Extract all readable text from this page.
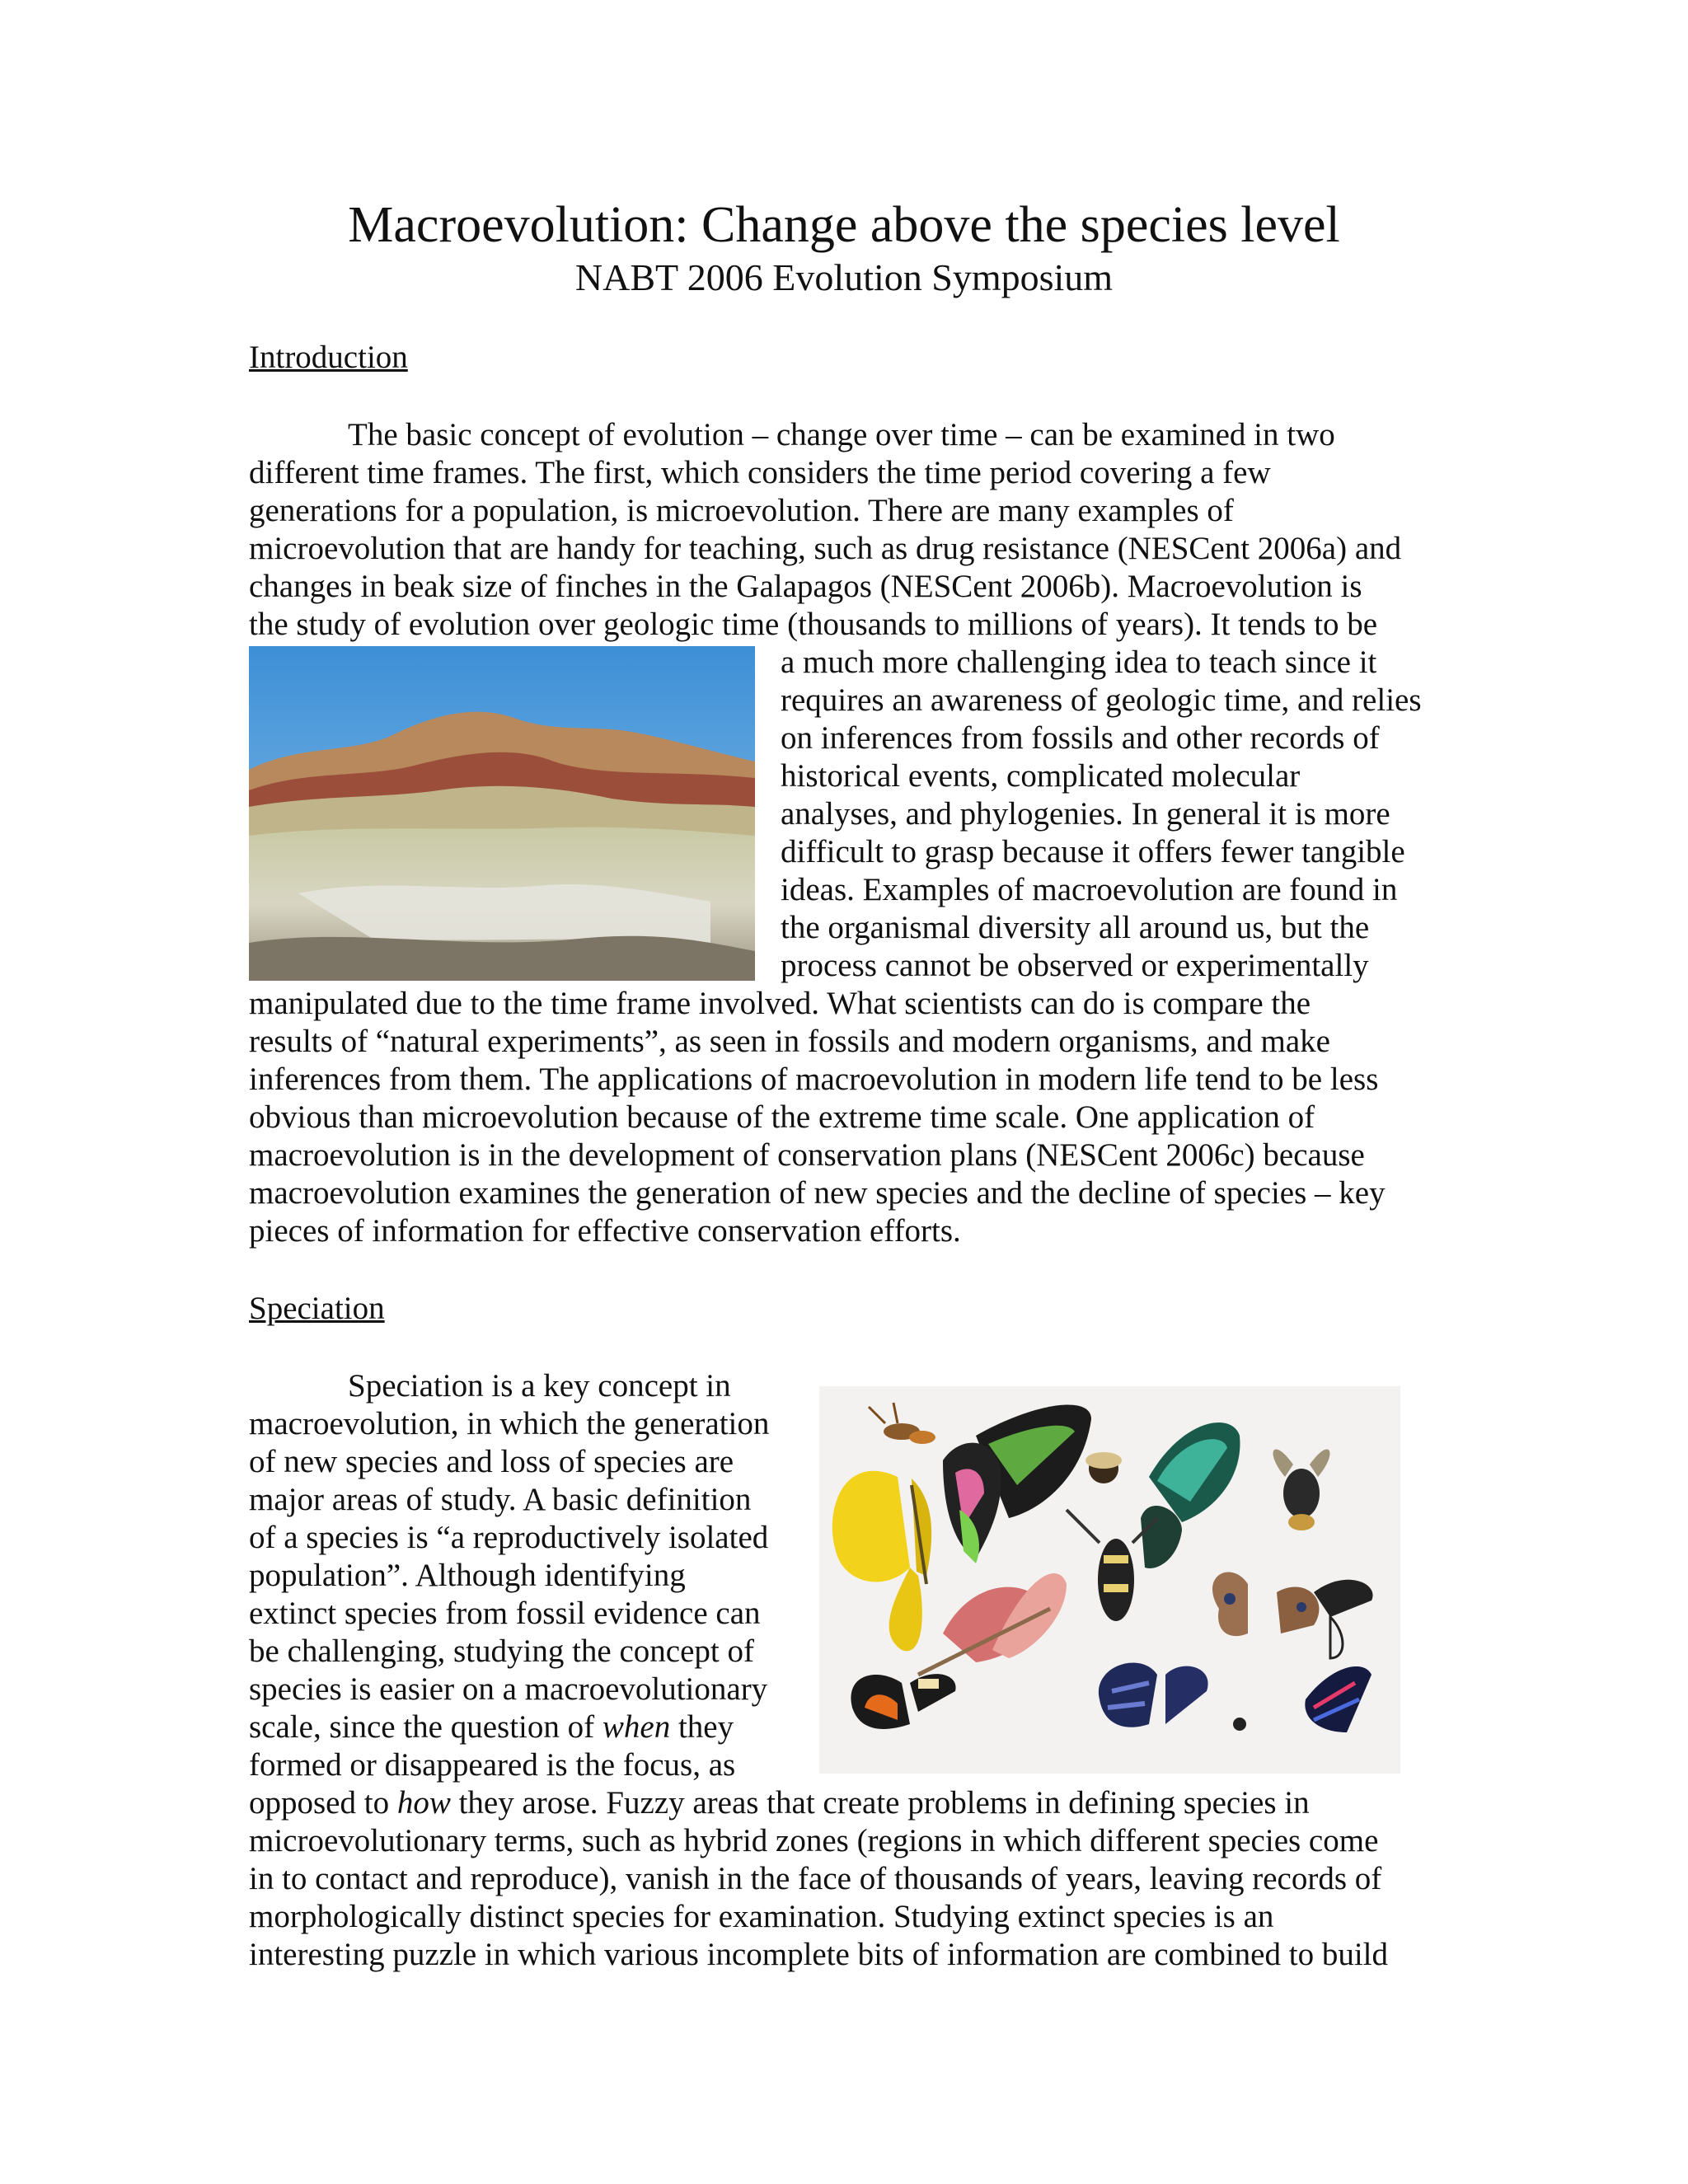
Macroevolution: Change above the species level
NABT 2006 Evolution Symposium
Introduction
The basic concept of evolution – change over time – can be examined in two
different time frames. The first, which considers the time period covering a few
generations for a population, is microevolution. There are many examples of
microevolution that are handy for teaching, such as drug resistance (NESCent 2006a) and
changes in beak size of finches in the Galapagos (NESCent 2006b). Macroevolution is
the study of evolution over geologic time (thousands to millions of years). It tends to be
a much more challenging idea to teach since it
requires an awareness of geologic time, and relies
on inferences from fossils and other records of
historical events, complicated molecular
analyses, and phylogenies. In general it is more
difficult to grasp because it offers fewer tangible
ideas. Examples of macroevolution are found in
the organismal diversity all around us, but the
process cannot be observed or experimentally
manipulated due to the time frame involved. What scientists can do is compare the
results of “natural experiments”, as seen in fossils and modern organisms, and make
inferences from them. The applications of macroevolution in modern life tend to be less
obvious than microevolution because of the extreme time scale. One application of
macroevolution is in the development of conservation plans (NESCent 2006c) because
macroevolution examines the generation of new species and the decline of species – key
pieces of information for effective conservation efforts.
Speciation
Speciation is a key concept in
macroevolution, in which the generation
of new species and loss of species are
major areas of study. A basic definition
of a species is “a reproductively isolated
population”. Although identifying
extinct species from fossil evidence can
be challenging, studying the concept of
species is easier on a macroevolutionary
scale, since the question of when they
formed or disappeared is the focus, as
opposed to how they arose. Fuzzy areas that create problems in defining species in
microevolutionary terms, such as hybrid zones (regions in which different species come
in to contact and reproduce), vanish in the face of thousands of years, leaving records of
morphologically distinct species for examination. Studying extinct species is an
interesting puzzle in which various incomplete bits of information are combined to build
